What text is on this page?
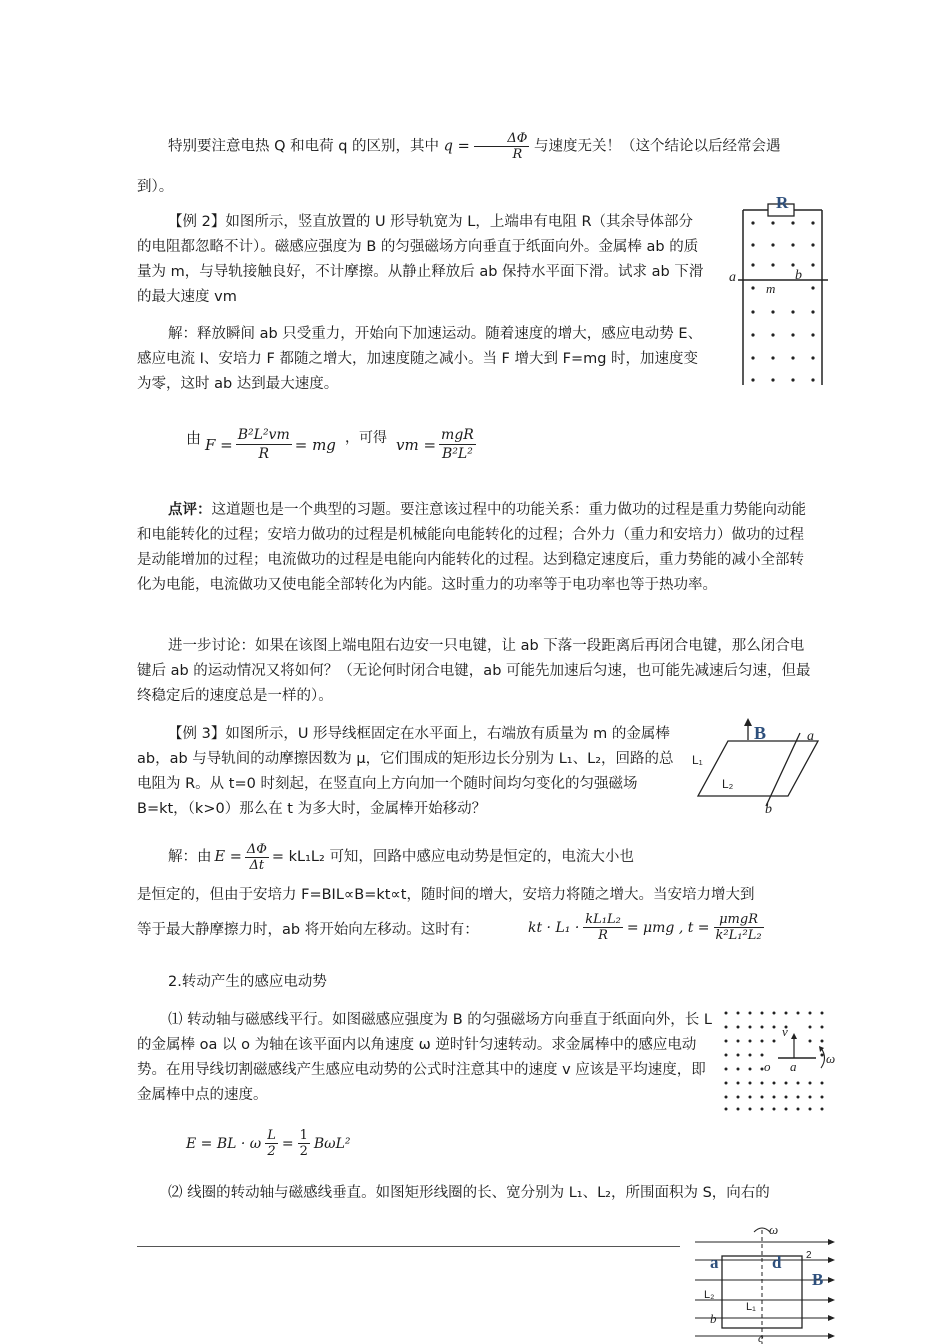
特别要注意电热 Q 和电荷 q 的区别，其中 $q = \frac{\Delta\Phi}{R}$ 与速度无关！（这个结论以后经常会遇
到）。
【例 2】如图所示，竖直放置的 U 形导轨宽为 L，上端串有电阻 R（其余导体部分的电阻都忽略不计）。磁感应强度为 B 的匀强磁场方向垂直于纸面向外。金属棒 ab 的质量为 m，与导轨接触良好，不计摩擦。从静止释放后 ab 保持水平面下滑。试求 ab 下滑的最大速度 vm
解：释放瞬间 ab 只受重力，开始向下加速运动。随着速度的增大，感应电动势 E、感应电流 I、安培力 F 都随之增大，加速度随之减小。当 F 增大到 F=mg 时，加速度变为零，这时 ab 达到最大速度。
由 $F = \frac{\text{B²L²vm}}{R}$ = mg ，可得 vm = $\frac{\text{mgR}}{\text{B²L²}}$
R
a	b
m
点评：这道题也是一个典型的习题。要注意该过程中的功能关系：重力做功的过程是重力势能向动能和电能转化的过程；安培力做功的过程是机械能向电能转化的过程；合外力（重力和安培力）做功的过程是动能增加的过程；电流做功的过程是电能向内能转化的过程。达到稳定速度后，重力势能的减小全部转化为电能，电流做功又使电能全部转化为内能。这时重力的功率等于电功率也等于热功率。
进一步讨论：如果在该图上端电阻右边安一只电键，让 ab 下落一段距离后再闭合电键，那么闭合电键后 ab 的运动情况又将如何？（无论何时闭合电键，ab 可能先加速后匀速，也可能先减速后匀速，但最终稳定后的速度总是一样的）。
【例 3】如图所示，U 形导线框固定在水平面上，右端放有质量为 m 的金属棒 ab，ab 与导轨间的动摩擦因数为 μ，它们围成的矩形边长分别为 L₁、L₂，回路的总电阻为 R。从 t=0 时刻起，在竖直向上方向加一个随时间均匀变化的匀强磁场 B=kt，（k>0）那么在 t 为多大时，金属棒开始移动？
B	a
b
L₁
L₂
解：由 $E = \frac{\Delta\Phi}{\Delta t} = kL_1L_2$ 可知，回路中感应电动势是恒定的，电流大小也
是恒定的，但由于安培力 F=BIL∝B=kt∝t，随时间的增大，安培力将随之增大。当安培力增大到
等于最大静摩擦力时，ab 将开始向左移动。这时有：	kt · $L_1 \cdot \frac{\text{kL₁L₂}}{R} = \mu mg$ , $t = \frac{\text{μmgR}}{\text{k²L₁²L₂}}$
2.转动产生的感应电动势
⑴ 转动轴与磁感线平行。如图磁感应强度为 B 的匀强磁场方向垂直于纸面向外，长 L 的金属棒 oa 以 o 为轴在该平面内以角速度 ω 逆时针匀速转动。求金属棒中的感应电动势。在用导线切割磁感线产生感应电动势的公式时注意其中的速度 v 应该是平均速度，即金属棒中点的速度。
E = BL · ω $\frac{L}{2} = \frac{1}{2} B\omega L^2$
v
o a
ω
⑵ 线圈的转动轴与磁感线垂直。如图矩形线圈的长、宽分别为 L₁、L₂，所围面积为 S，向右的
ω
a	d
B
2
L₂
L₁
b
c
